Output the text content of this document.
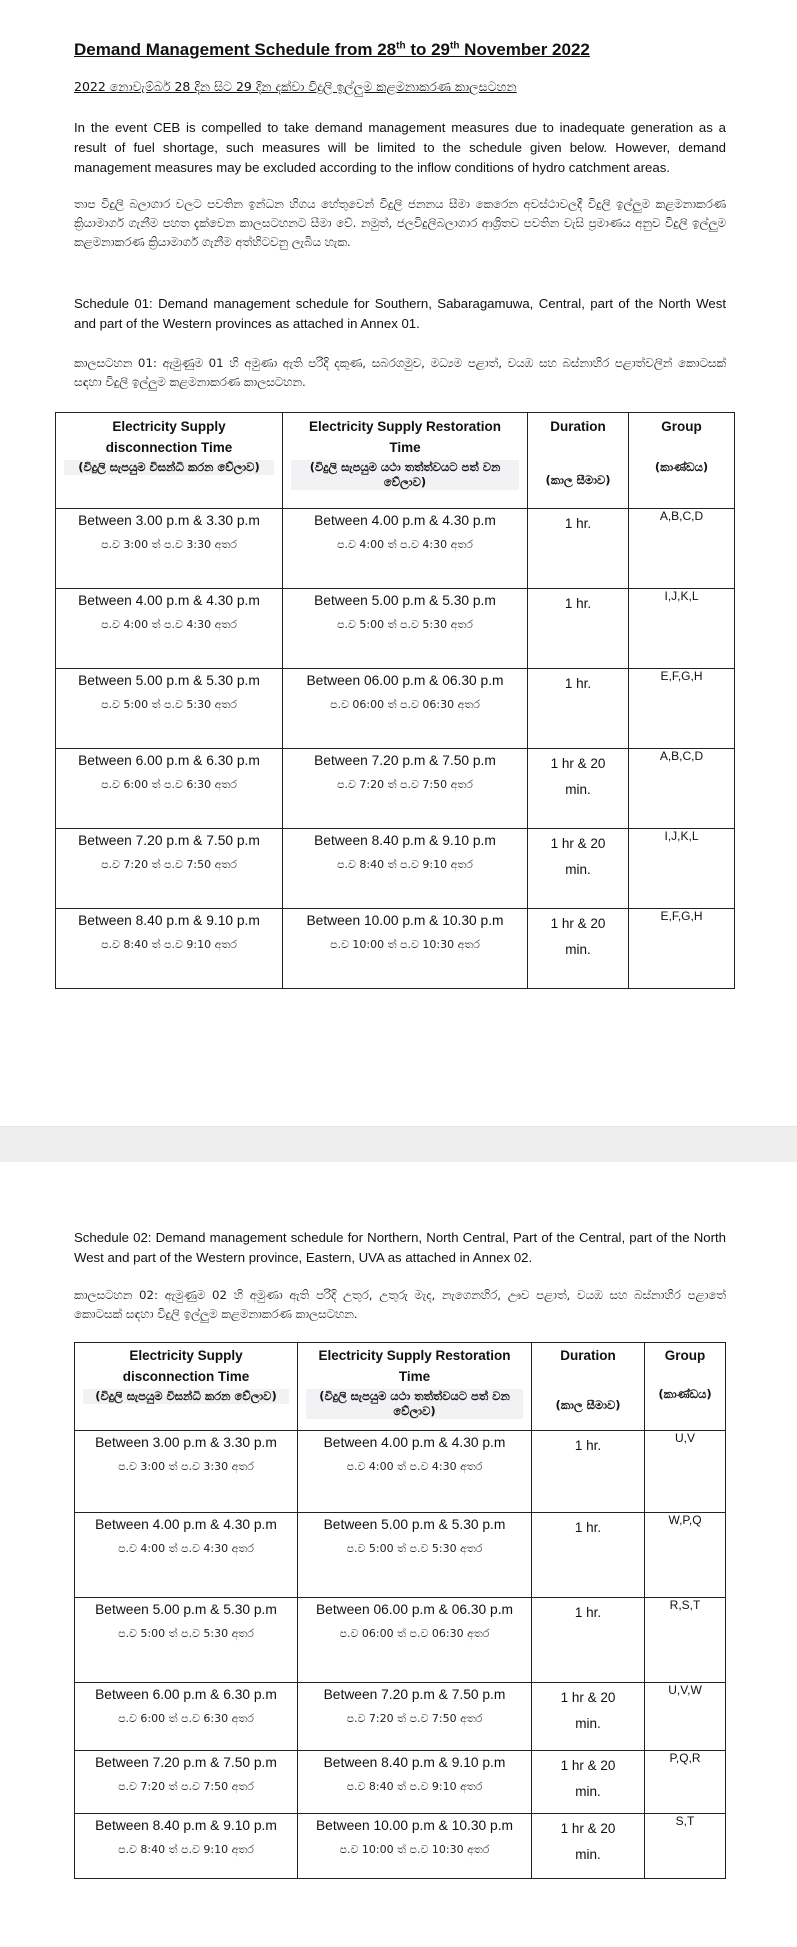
Demand Management Schedule from 28th to 29th November 2022
2022 නොවැම්බර් 28 දින සිට 29 දින දක්වා විදුලි ඉල්ලුම කළමනාකරණ කාලසටහන
In the event CEB is compelled to take demand management measures due to inadequate generation as a result of fuel shortage, such measures will be limited to the schedule given below. However, demand management measures may be excluded according to the inflow conditions of hydro catchment areas.
තාප විදුලි බලාගාර වලට පවතින ඉන්ධන හිගය හේතුවෙන් විදුලි ජනනය සීමා කෙරෙන අවස්ථාවලදී විදුලි ඉල්ලුම කළමනාකරණ ක්‍රියාමාර්ග ගැනීම පහත දැක්වෙන කාලසටහනට සීමා වේ. නමුත්, ජලවිදුලිබලාගාර ආශ්‍රිතව පවතින වැසි ප්‍රමාණය අනුව විදුලි ඉල්ලුම කළමනාකරණ ක්‍රියාමාර්ග ගැනීම අත්හිටවනු ලැබිය හැක.
Schedule 01: Demand management schedule for Southern, Sabaragamuwa, Central, part of the North West and part of the Western provinces as attached in Annex 01.
කාලසටහන 01: ඇමුණුම 01 හි අමුණා ඇති පරිදි දකුණ, සබරගමුව, මධ්‍යම පළාත්, වයඹ සහ බස්නාහිර පළාත්වලින් කොටසක් සඳහා විදුලි ඉල්ලුම කළමනාකරණ කාලසටහන.
Electricity Supply disconnection Time
(විදුලි සැපයුම විසන්ධි කරන වේලාව)	Electricity Supply Restoration Time
(විදුලි සැපයුම යථා තත්ත්වයට පත් වන වේලාව)	Duration
(කාල සීමාව)	Group
(කාණ්ඩය)

Between 3.00 p.m & 3.30 p.m
ප.ව 3:00 ත් ප.ව 3:30 අතර	Between 4.00 p.m & 4.30 p.m
ප.ව 4:00 ත් ප.ව 4:30 අතර	1 hr.	A,B,C,D

Between 4.00 p.m & 4.30 p.m
ප.ව 4:00 ත් ප.ව 4:30 අතර	Between 5.00 p.m & 5.30 p.m
ප.ව 5:00 ත් ප.ව 5:30 අතර	1 hr.	I,J,K,L

Between 5.00 p.m & 5.30 p.m
ප.ව 5:00 ත් ප.ව 5:30 අතර	Between 06.00 p.m & 06.30 p.m
ප.ව 06:00 ත් ප.ව 06:30 අතර	1 hr.	E,F,G,H

Between 6.00 p.m & 6.30 p.m
ප.ව 6:00 ත් ප.ව 6:30 අතර	Between 7.20 p.m & 7.50 p.m
ප.ව 7:20 ත් ප.ව 7:50 අතර	1 hr & 20 min.	A,B,C,D

Between 7.20 p.m & 7.50 p.m
ප.ව 7:20 ත් ප.ව 7:50 අතර	Between 8.40 p.m & 9.10 p.m
ප.ව 8:40 ත් ප.ව 9:10 අතර	1 hr & 20 min.	I,J,K,L

Between 8.40 p.m & 9.10 p.m
ප.ව 8:40 ත් ප.ව 9:10 අතර	Between 10.00 p.m & 10.30 p.m
ප.ව 10:00 ත් ප.ව 10:30 අතර	1 hr & 20 min.	E,F,G,H
Schedule 02: Demand management schedule for Northern, North Central, Part of the Central, part of the North West and part of the Western province, Eastern, UVA as attached in Annex 02.
කාලසටහන 02: ඇමුණුම 02 හි අමුණා ඇති පරිදි උතුර, උතුරු මැද, නැගෙනහිර, ඌව පළාත්, වයඹ සහ බස්නාහිර පළාතේ කොටසක් සඳහා විදුලි ඉල්ලුම කළමනාකරණ කාලසටහන.
Electricity Supply disconnection Time
(විදුලි සැපයුම විසන්ධි කරන වේලාව)	Electricity Supply Restoration Time
(විදුලි සැපයුම යථා තත්ත්වයට පත් වන වේලාව)	Duration
(කාල සීමාව)	Group
(කාණ්ඩය)

Between 3.00 p.m & 3.30 p.m
ප.ව 3:00 ත් ප.ව 3:30 අතර	Between 4.00 p.m & 4.30 p.m
ප.ව 4:00 ත් ප.ව 4:30 අතර	1 hr.	U,V

Between 4.00 p.m & 4.30 p.m
ප.ව 4:00 ත් ප.ව 4:30 අතර	Between 5.00 p.m & 5.30 p.m
ප.ව 5:00 ත් ප.ව 5:30 අතර	1 hr.	W,P,Q

Between 5.00 p.m & 5.30 p.m
ප.ව 5:00 ත් ප.ව 5:30 අතර	Between 06.00 p.m & 06.30 p.m
ප.ව 06:00 ත් ප.ව 06:30 අතර	1 hr.	R,S,T

Between 6.00 p.m & 6.30 p.m
ප.ව 6:00 ත් ප.ව 6:30 අතර	Between 7.20 p.m & 7.50 p.m
ප.ව 7:20 ත් ප.ව 7:50 අතර	1 hr & 20 min.	U,V,W

Between 7.20 p.m & 7.50 p.m
ප.ව 7:20 ත් ප.ව 7:50 අතර	Between 8.40 p.m & 9.10 p.m
ප.ව 8:40 ත් ප.ව 9:10 අතර	1 hr & 20 min.	P,Q,R

Between 8.40 p.m & 9.10 p.m
ප.ව 8:40 ත් ප.ව 9:10 අතර	Between 10.00 p.m & 10.30 p.m
ප.ව 10:00 ත් ප.ව 10:30 අතර	1 hr & 20 min.	S,T
